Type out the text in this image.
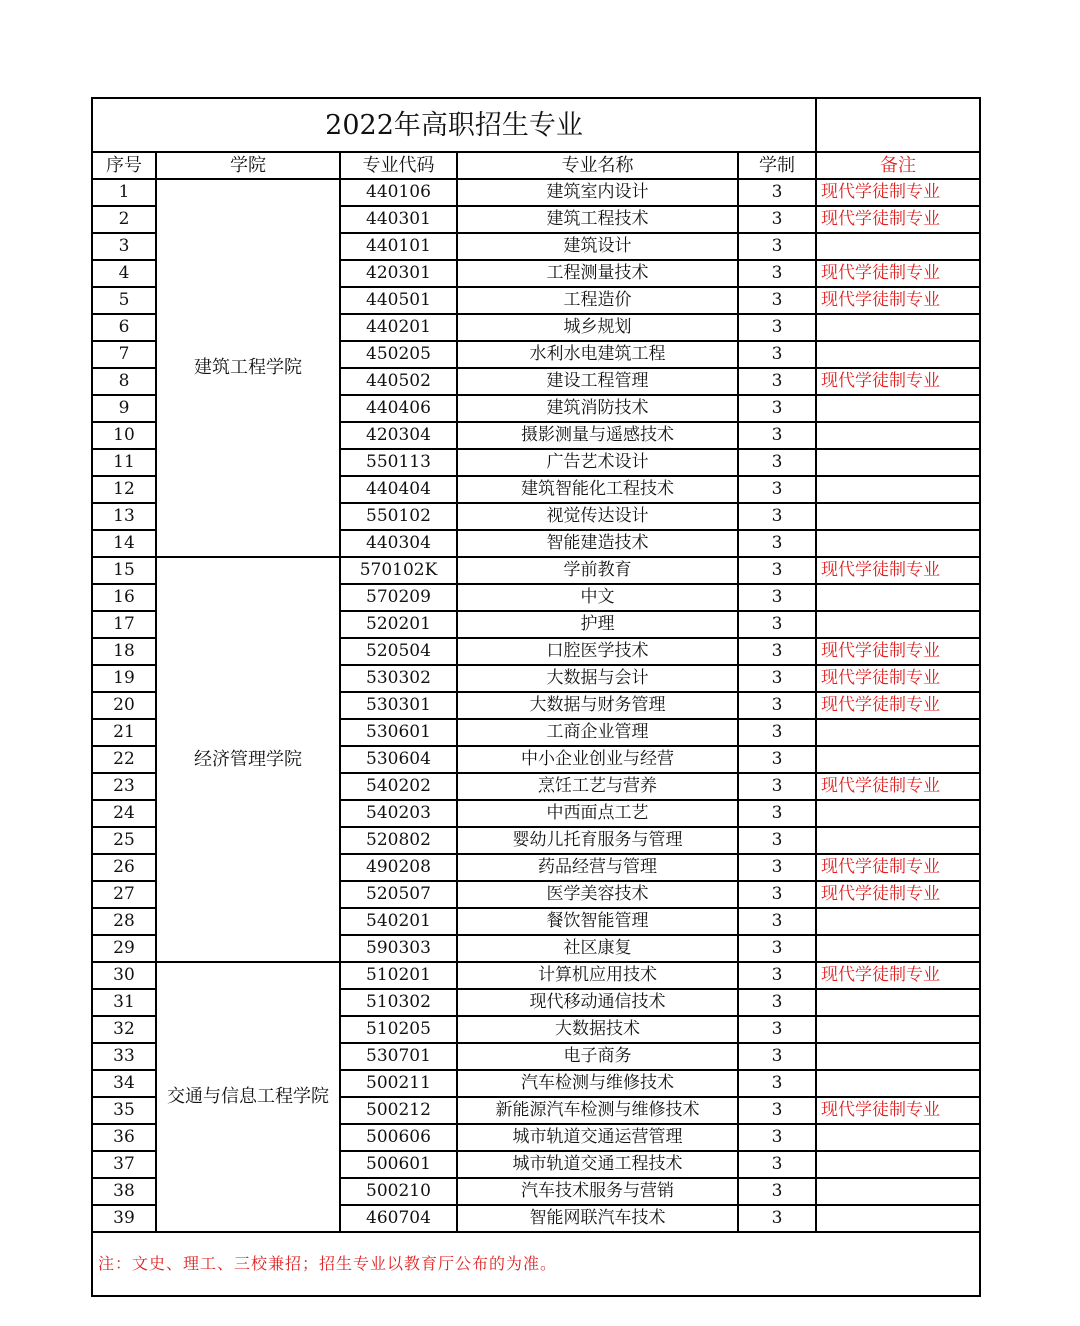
2022年高职招生专业					
序号	学院	专业代码	专业名称	学制	备注
1	建筑工程学院	440106	建筑室内设计	3	现代学徒制专业
2		440301	建筑工程技术	3	现代学徒制专业
3		440101	建筑设计	3	
4		420301	工程测量技术	3	现代学徒制专业
5		440501	工程造价	3	现代学徒制专业
6		440201	城乡规划	3	
7		450205	水利水电建筑工程	3	
8		440502	建设工程管理	3	现代学徒制专业
9		440406	建筑消防技术	3	
10		420304	摄影测量与遥感技术	3	
11		550113	广告艺术设计	3	
12		440404	建筑智能化工程技术	3	
13		550102	视觉传达设计	3	
14		440304	智能建造技术	3	
15	经济管理学院	570102K	学前教育	3	现代学徒制专业
16		570209	中文	3	
17		520201	护理	3	
18		520504	口腔医学技术	3	现代学徒制专业
19		530302	大数据与会计	3	现代学徒制专业
20		530301	大数据与财务管理	3	现代学徒制专业
21		530601	工商企业管理	3	
22		530604	中小企业创业与经营	3	
23		540202	烹饪工艺与营养	3	现代学徒制专业
24		540203	中西面点工艺	3	
25		520802	婴幼儿托育服务与管理	3	
26		490208	药品经营与管理	3	现代学徒制专业
27		520507	医学美容技术	3	现代学徒制专业
28		540201	餐饮智能管理	3	
29		590303	社区康复	3	
30	交通与信息工程学院	510201	计算机应用技术	3	现代学徒制专业
31		510302	现代移动通信技术	3	
32		510205	大数据技术	3	
33		530701	电子商务	3	
34		500211	汽车检测与维修技术	3	
35		500212	新能源汽车检测与维修技术	3	现代学徒制专业
36		500606	城市轨道交通运营管理	3	
37		500601	城市轨道交通工程技术	3	
38		500210	汽车技术服务与营销	3	
39		460704	智能网联汽车技术	3	
注：文史、理工、三校兼招；招生专业以教育厅公布的为准。					
